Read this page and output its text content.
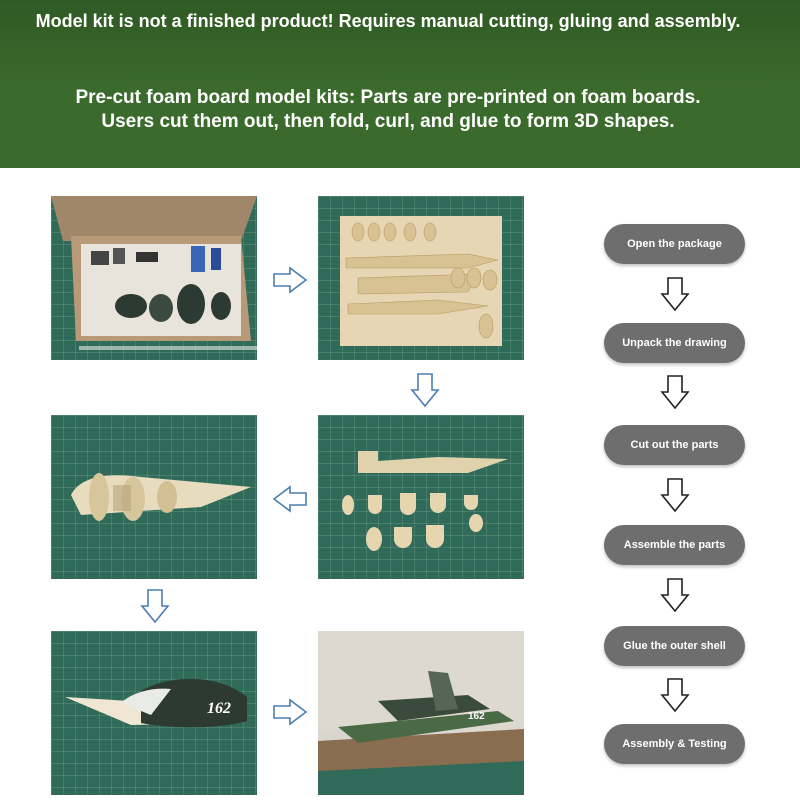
Model kit is not a finished product! Requires manual cutting, gluing and assembly.
Pre-cut foam board model kits: Parts are pre-printed on foam boards.
Users cut them out, then fold, curl, and glue to form 3D shapes.
162	162
Open the package
Unpack the drawing
Cut out the parts
Assemble the parts
Glue the outer shell
Assembly & Testing
